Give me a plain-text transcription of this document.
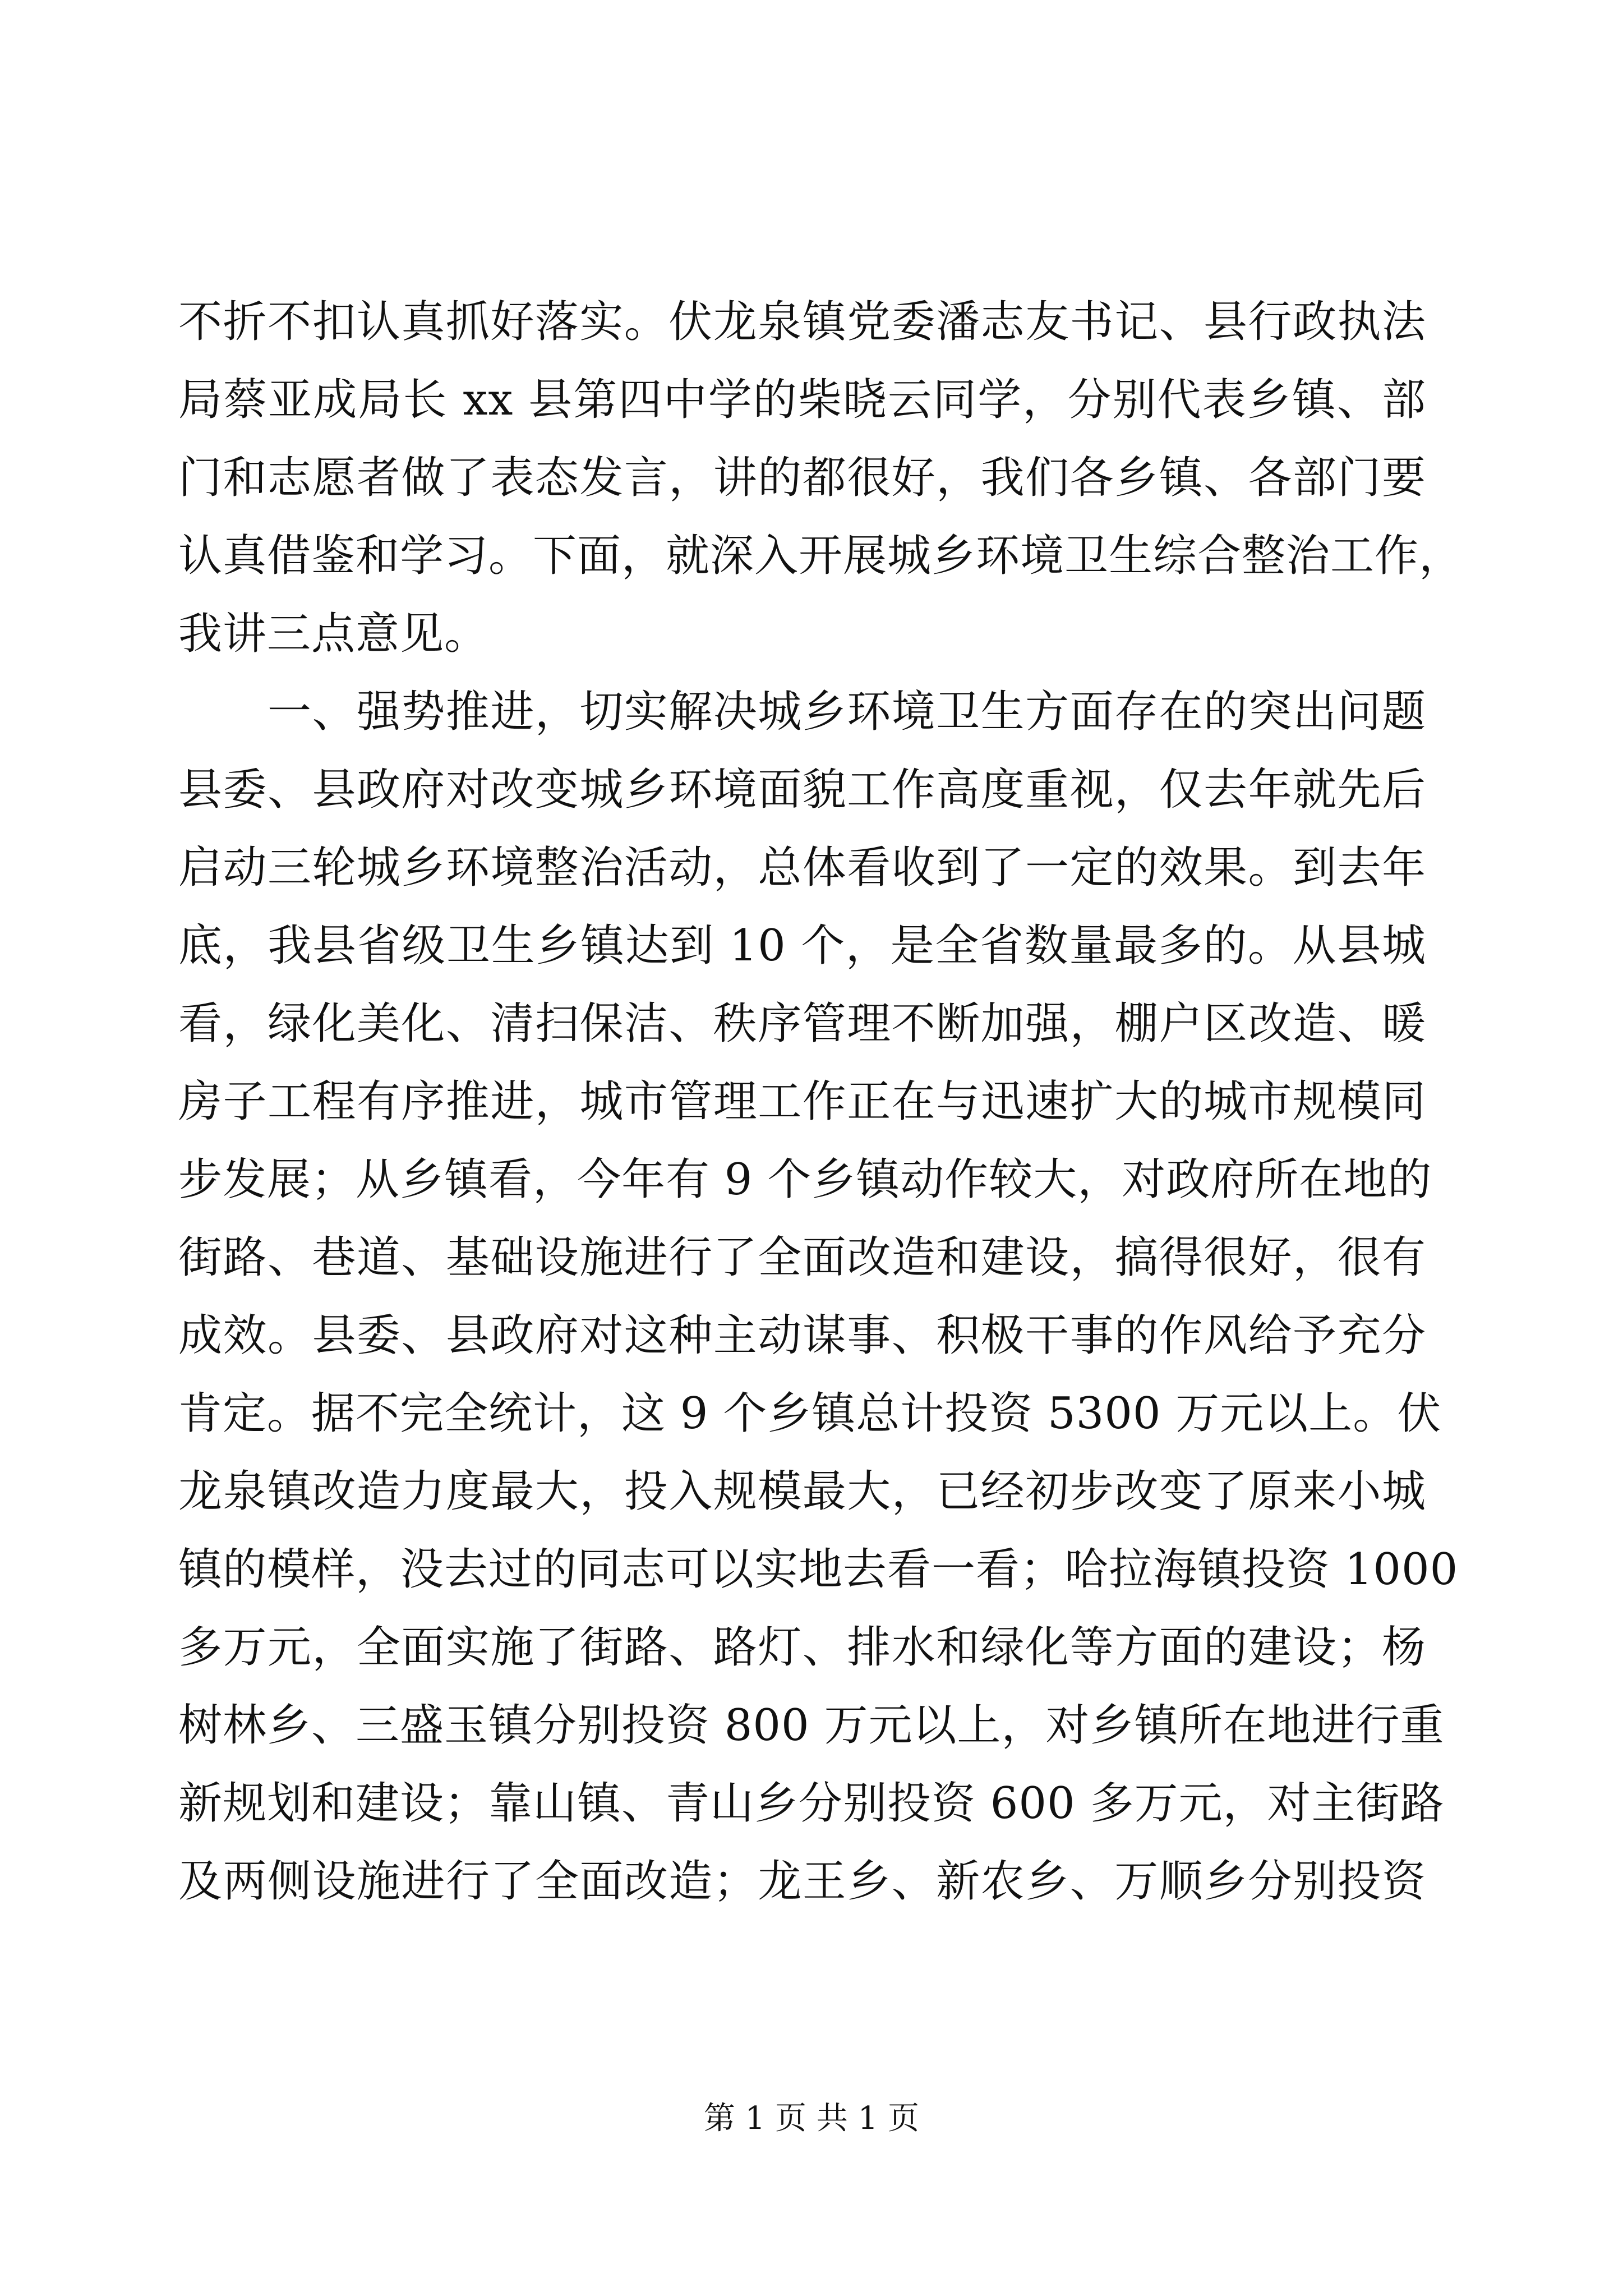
不折不扣认真抓好落实。伏龙泉镇党委潘志友书记、县行政执法
局蔡亚成局长 xx 县第四中学的柴晓云同学，分别代表乡镇、部
门和志愿者做了表态发言，讲的都很好，我们各乡镇、各部门要
认真借鉴和学习。下面，就深入开展城乡环境卫生综合整治工作，
我讲三点意见。
　　一、强势推进，切实解决城乡环境卫生方面存在的突出问题
县委、县政府对改变城乡环境面貌工作高度重视，仅去年就先后
启动三轮城乡环境整治活动，总体看收到了一定的效果。到去年
底，我县省级卫生乡镇达到 10 个，是全省数量最多的。从县城
看，绿化美化、清扫保洁、秩序管理不断加强，棚户区改造、暖
房子工程有序推进，城市管理工作正在与迅速扩大的城市规模同
步发展；从乡镇看，今年有 9 个乡镇动作较大，对政府所在地的
街路、巷道、基础设施进行了全面改造和建设，搞得很好，很有
成效。县委、县政府对这种主动谋事、积极干事的作风给予充分
肯定。据不完全统计，这 9 个乡镇总计投资 5300 万元以上。伏
龙泉镇改造力度最大，投入规模最大，已经初步改变了原来小城
镇的模样，没去过的同志可以实地去看一看；哈拉海镇投资 1000
多万元，全面实施了街路、路灯、排水和绿化等方面的建设；杨
树林乡、三盛玉镇分别投资 800 万元以上，对乡镇所在地进行重
新规划和建设；靠山镇、青山乡分别投资 600 多万元，对主街路
及两侧设施进行了全面改造；龙王乡、新农乡、万顺乡分别投资
第 1 页 共 1 页
